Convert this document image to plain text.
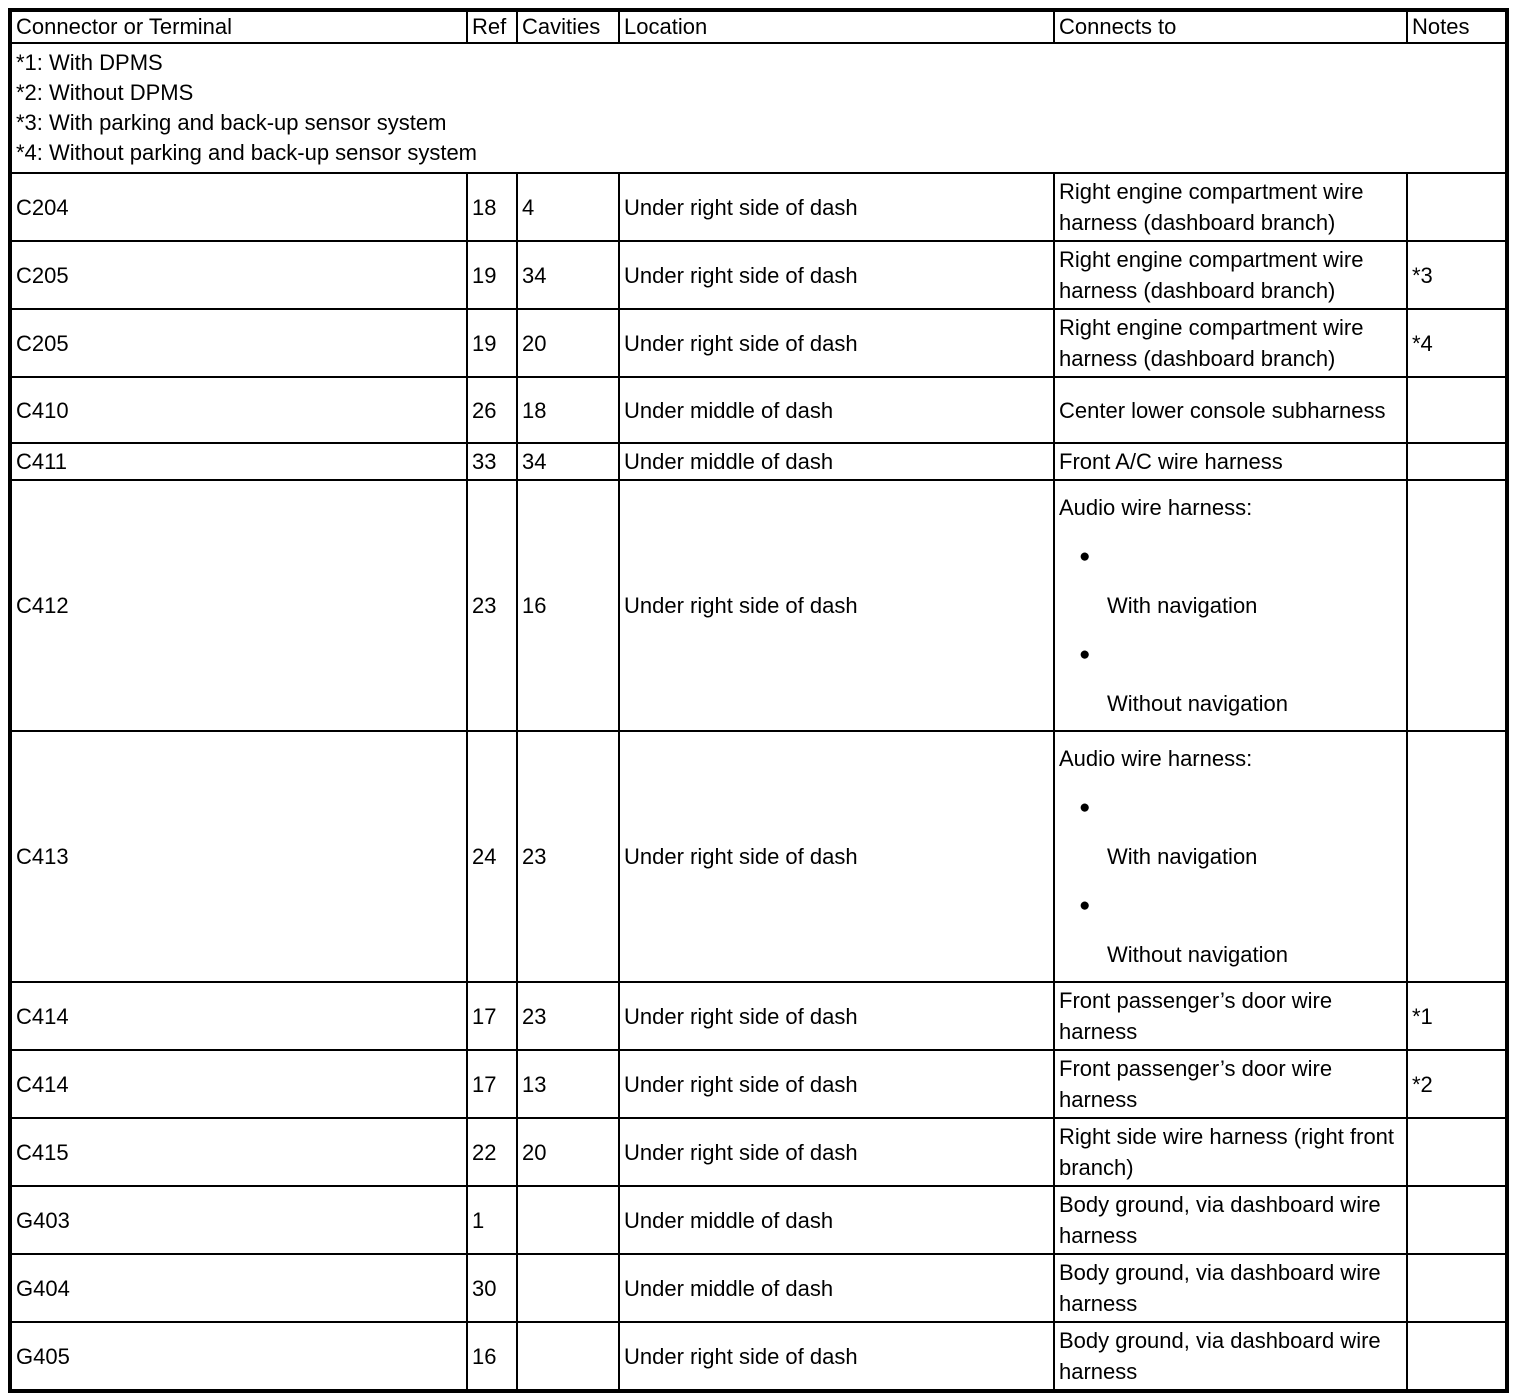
Connector or Terminal	Ref	Cavities	Location	Connects to	Notes

*1: With DPMS
*2: Without DPMS
*3: With parking and back-up sensor system
*4: Without parking and back-up sensor system					

C204	18	4	Under right side of dash	Right engine compartment wire harness (dashboard branch)	
C205	19	34	Under right side of dash	Right engine compartment wire harness (dashboard branch)	*3
C205	19	20	Under right side of dash	Right engine compartment wire harness (dashboard branch)	*4
C410	26	18	Under middle of dash	Center lower console subharness	
C411	33	34	Under middle of dash	Front A/C wire harness	
C412	23	16	Under right side of dash	Audio wire harness:
●
With navigation
●
Without navigation	

C413	24	23	Under right side of dash	Audio wire harness:
●
With navigation
●
Without navigation	

C414	17	23	Under right side of dash	Front passenger’s door wire harness	*1
C414	17	13	Under right side of dash	Front passenger’s door wire harness	*2
C415	22	20	Under right side of dash	Right side wire harness (right front branch)	
G403	1		Under middle of dash	Body ground, via dashboard wire harness	
G404	30		Under middle of dash	Body ground, via dashboard wire harness	
G405	16		Under right side of dash	Body ground, via dashboard wire harness	
